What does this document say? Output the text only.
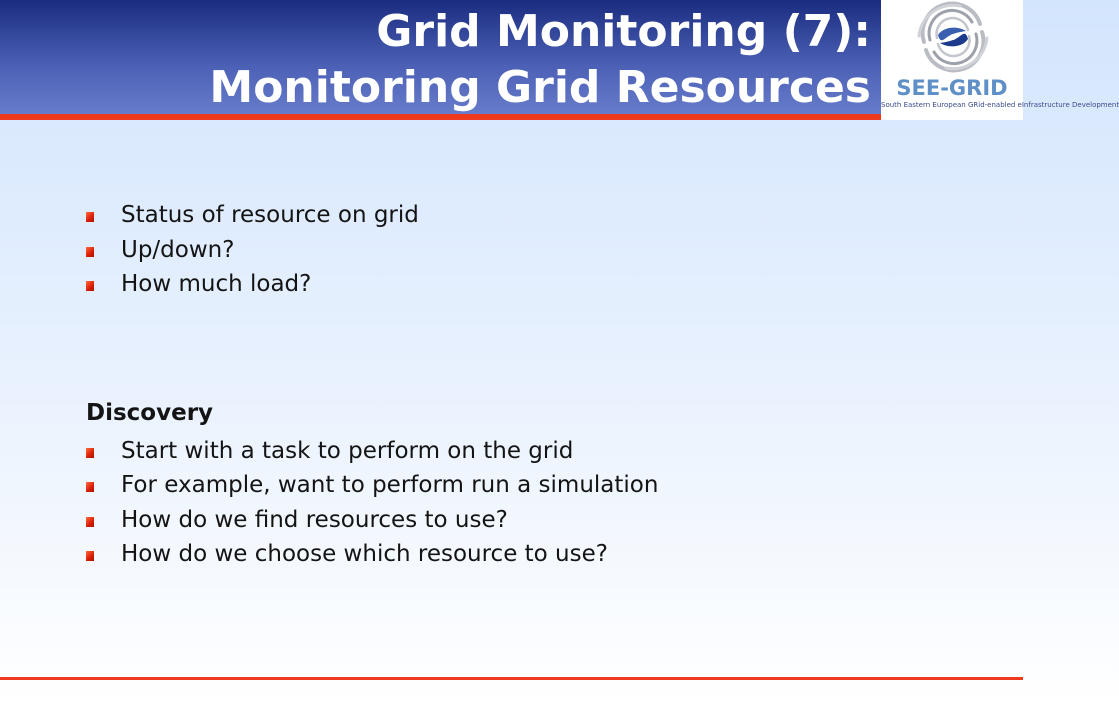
Grid Monitoring (7):
Monitoring Grid Resources	SEE-GRID
South Eastern European GRid-enabled eInfrastructure Development
Status of resource on grid
Up/down?
How much load?
Discovery
Start with a task to perform on the grid
For example, want to perform run a simulation
How do we find resources to use?
How do we choose which resource to use?
